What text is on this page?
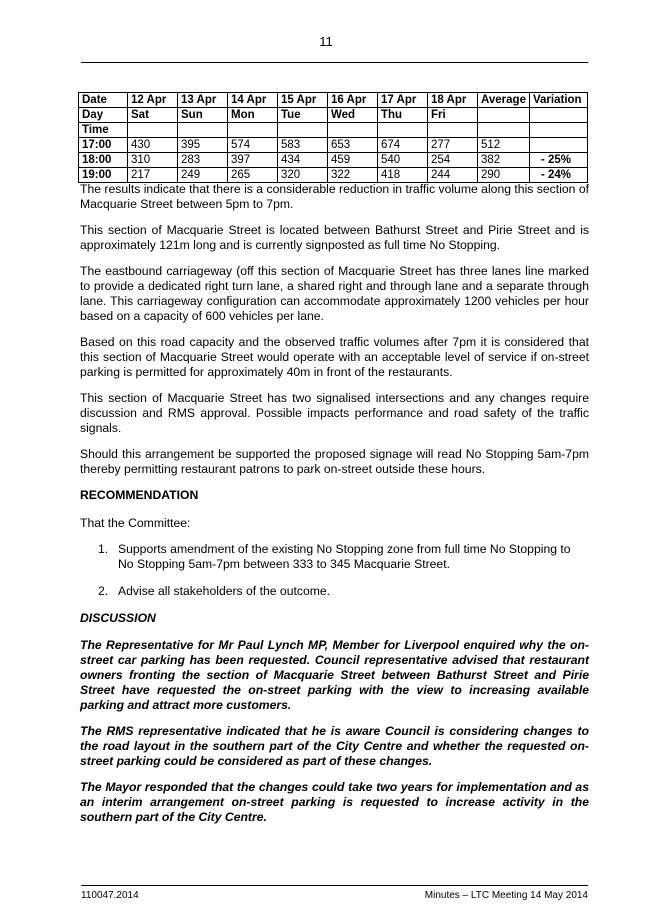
11
Date	12 Apr	13 Apr	14 Apr	15 Apr	16 Apr	17 Apr	18 Apr	Average	Variation
Day	Sat	Sun	Mon	Tue	Wed	Thu	Fri		
Time									
17:00	430	395	574	583	653	674	277	512	
18:00	310	283	397	434	459	540	254	382	- 25%
19:00	217	249	265	320	322	418	244	290	- 24%

The results indicate that there is a considerable reduction in traffic volume along this section of Macquarie Street between 5pm to 7pm.

This section of Macquarie Street is located between Bathurst Street and Pirie Street and is approximately 121m long and is currently signposted as full time No Stopping.

The eastbound carriageway (off this section of Macquarie Street has three lanes line marked to provide a dedicated right turn lane, a shared right and through lane and a separate through lane. This carriageway configuration can accommodate approximately 1200 vehicles per hour based on a capacity of 600 vehicles per lane.

Based on this road capacity and the observed traffic volumes after 7pm it is considered that this section of Macquarie Street would operate with an acceptable level of service if on-street parking is permitted for approximately 40m in front of the restaurants.

This section of Macquarie Street has two signalised intersections and any changes require discussion and RMS approval. Possible impacts performance and road safety of the traffic signals.

Should this arrangement be supported the proposed signage will read No Stopping 5am-7pm thereby permitting restaurant patrons to park on-street outside these hours.

RECOMMENDATION

That the Committee:

1. Supports amendment of the existing No Stopping zone from full time No Stopping to No Stopping 5am-7pm between 333 to 345 Macquarie Street.
2. Advise all stakeholders of the outcome.
DISCUSSION

The Representative for Mr Paul Lynch MP, Member for Liverpool enquired why the on-street car parking has been requested. Council representative advised that restaurant owners fronting the section of Macquarie Street between Bathurst Street and Pirie Street have requested the on-street parking with the view to increasing available parking and attract more customers.

The RMS representative indicated that he is aware Council is considering changes to the road layout in the southern part of the City Centre and whether the requested on-street parking could be considered as part of these changes.

The Mayor responded that the changes could take two years for implementation and as an interim arrangement on-street parking is requested to increase activity in the southern part of the City Centre.

110047.2014	Minutes – LTC Meeting 14 May 2014
